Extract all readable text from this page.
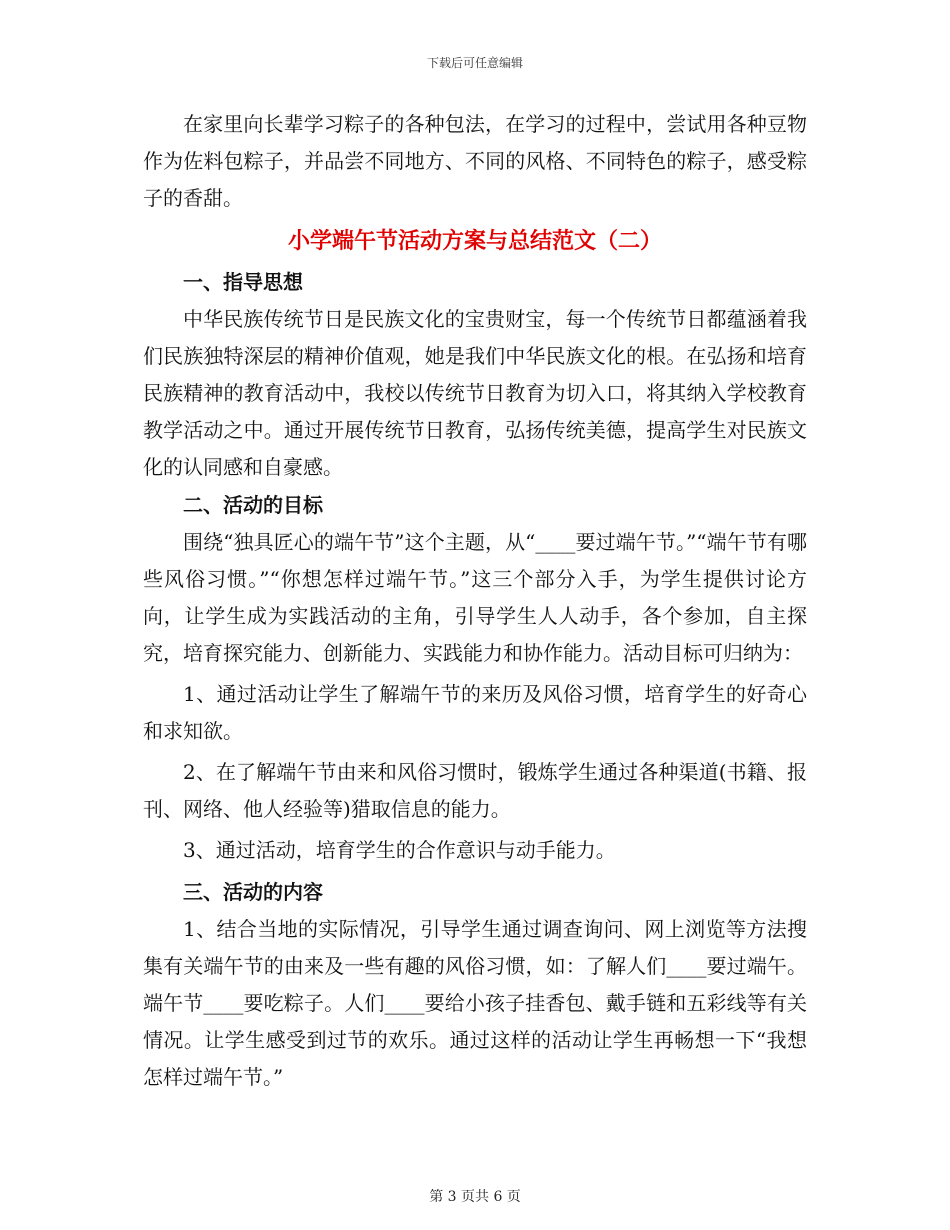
下载后可任意编辑

在家里向长辈学习粽子的各种包法，在学习的过程中，尝试用各种豆物作为佐料包粽子，并品尝不同地方、不同的风格、不同特色的粽子，感受粽子的香甜。

小学端午节活动方案与总结范文（二）
一、指导思想

中华民族传统节日是民族文化的宝贵财宝，每一个传统节日都蕴涵着我们民族独特深层的精神价值观，她是我们中华民族文化的根。在弘扬和培育民族精神的教育活动中，我校以传统节日教育为切入口，将其纳入学校教育教学活动之中。通过开展传统节日教育，弘扬传统美德，提高学生对民族文化的认同感和自豪感。

二、活动的目标

围绕“独具匠心的端午节”这个主题，从“____要过端午节。”“端午节有哪些风俗习惯。”“你想怎样过端午节。”这三个部分入手，为学生提供讨论方向，让学生成为实践活动的主角，引导学生人人动手，各个参加，自主探究，培育探究能力、创新能力、实践能力和协作能力。活动目标可归纳为：

1、通过活动让学生了解端午节的来历及风俗习惯，培育学生的好奇心和求知欲。

2、在了解端午节由来和风俗习惯时，锻炼学生通过各种渠道(书籍、报刊、网络、他人经验等)猎取信息的能力。

3、通过活动，培育学生的合作意识与动手能力。

三、活动的内容

1、结合当地的实际情况，引导学生通过调查询问、网上浏览等方法搜集有关端午节的由来及一些有趣的风俗习惯，如：了解人们____要过端午。端午节____要吃粽子。人们____要给小孩子挂香包、戴手链和五彩线等有关情况。让学生感受到过节的欢乐。通过这样的活动让学生再畅想一下“我想怎样过端午节。”

第 3 页共 6 页
